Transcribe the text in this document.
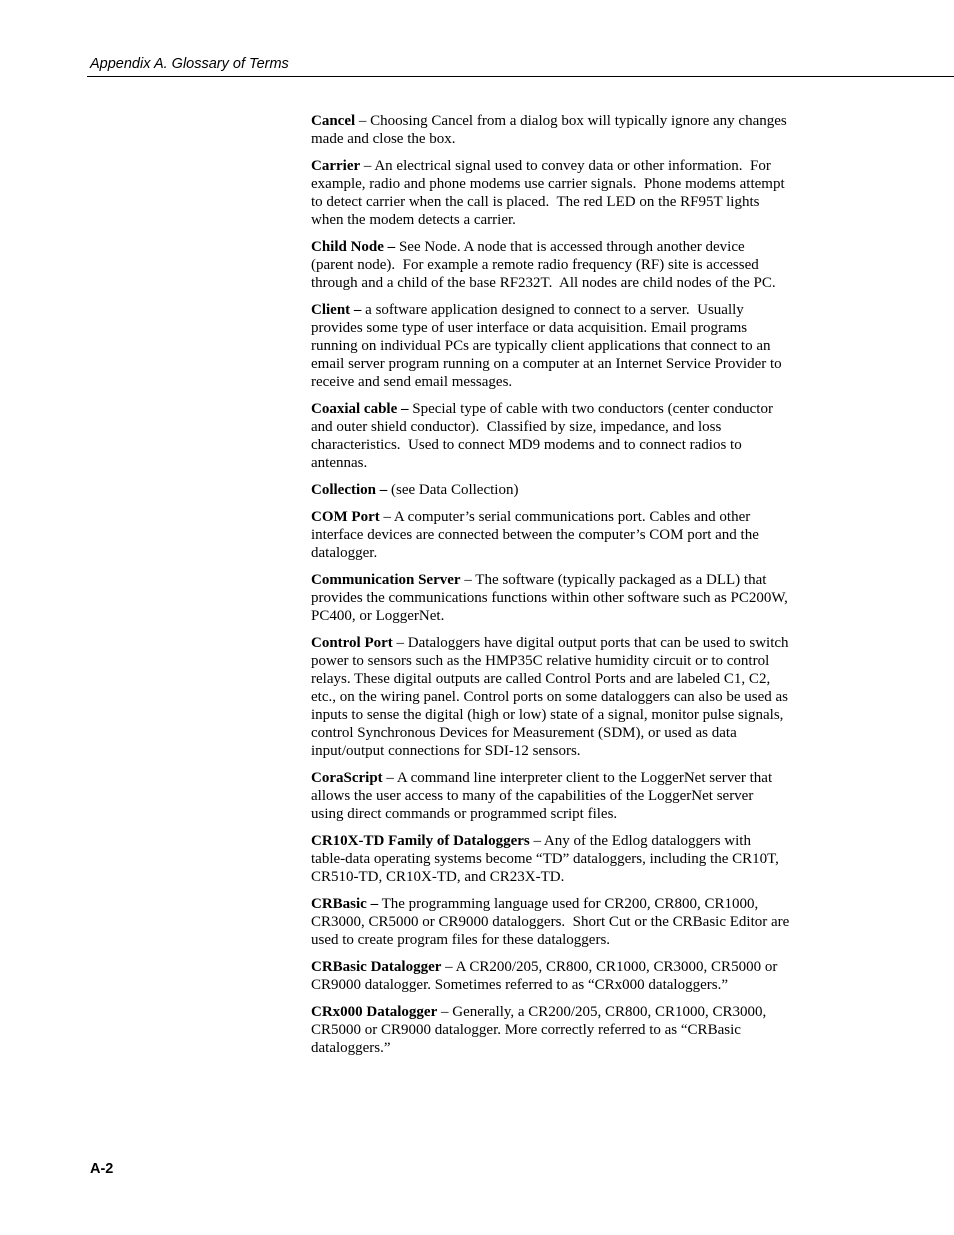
Appendix A. Glossary of Terms

Cancel – Choosing Cancel from a dialog box will typically ignore any changes
made and close the box.

Carrier – An electrical signal used to convey data or other information.  For
example, radio and phone modems use carrier signals.  Phone modems attempt
to detect carrier when the call is placed.  The red LED on the RF95T lights
when the modem detects a carrier.

Child Node – See Node. A node that is accessed through another device
(parent node).  For example a remote radio frequency (RF) site is accessed
through and a child of the base RF232T.  All nodes are child nodes of the PC.

Client – a software application designed to connect to a server.  Usually
provides some type of user interface or data acquisition. Email programs
running on individual PCs are typically client applications that connect to an
email server program running on a computer at an Internet Service Provider to
receive and send email messages.

Coaxial cable – Special type of cable with two conductors (center conductor
and outer shield conductor).  Classified by size, impedance, and loss
characteristics.  Used to connect MD9 modems and to connect radios to
antennas.

Collection – (see Data Collection)

COM Port – A computer’s serial communications port. Cables and other
interface devices are connected between the computer’s COM port and the
datalogger.

Communication Server – The software (typically packaged as a DLL) that
provides the communications functions within other software such as PC200W,
PC400, or LoggerNet.

Control Port – Dataloggers have digital output ports that can be used to switch
power to sensors such as the HMP35C relative humidity circuit or to control
relays. These digital outputs are called Control Ports and are labeled C1, C2,
etc., on the wiring panel. Control ports on some dataloggers can also be used as
inputs to sense the digital (high or low) state of a signal, monitor pulse signals,
control Synchronous Devices for Measurement (SDM), or used as data
input/output connections for SDI-12 sensors.

CoraScript – A command line interpreter client to the LoggerNet server that
allows the user access to many of the capabilities of the LoggerNet server
using direct commands or programmed script files.

CR10X-TD Family of Dataloggers – Any of the Edlog dataloggers with
table-data operating systems become “TD” dataloggers, including the CR10T,
CR510-TD, CR10X-TD, and CR23X-TD.

CRBasic – The programming language used for CR200, CR800, CR1000,
CR3000, CR5000 or CR9000 dataloggers.  Short Cut or the CRBasic Editor are
used to create program files for these dataloggers.

CRBasic Datalogger – A CR200/205, CR800, CR1000, CR3000, CR5000 or
CR9000 datalogger. Sometimes referred to as “CRx000 dataloggers.”

CRx000 Datalogger – Generally, a CR200/205, CR800, CR1000, CR3000,
CR5000 or CR9000 datalogger. More correctly referred to as “CRBasic
dataloggers.”

A-2
